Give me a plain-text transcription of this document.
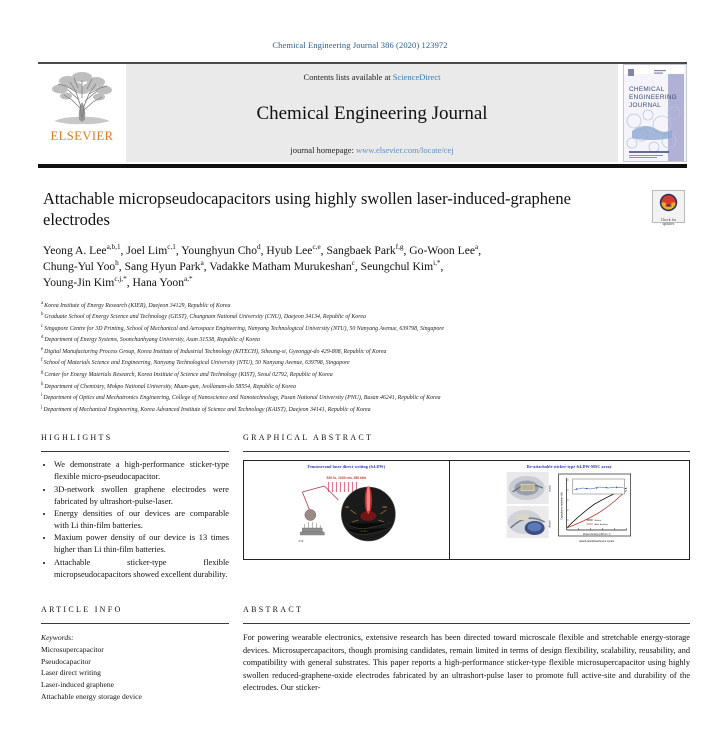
Chemical Engineering Journal 386 (2020) 123972
ELSEVIER
Contents lists available at ScienceDirect
Chemical Engineering Journal
journal homepage: www.elsevier.com/locate/cej
CHEMICAL
ENGINEERING
JOURNAL
Attachable micropseudocapacitors using highly swollen laser-induced-graphene electrodes	Check for
updates
Yeong A. Lee$^{a,b,1}$, Joel Lim$^{c,1}$, Younghyun Cho$^d$, Hyub Lee$^{c,e}$, Sangbaek Park$^{f,g}$, Go-Woon Lee$^a$,
Chung-Yul Yoo$^h$, Sang Hyun Park$^a$, Vadakke Matham Murukeshan$^c$, Seungchul Kim$^{i,*}$,
Young-Jin Kim$^{c,j,*}$, Hana Yoon$^{a,*}$
$^a$Korea Institute of Energy Research (KIER), Daejeon 34129, Republic of Korea
$^b$Graduate School of Energy Science and Technology (GEST), Chungnam National University (CNU), Daejeon 34134, Republic of Korea
$^c$Singapore Centre for 3D Printing, School of Mechanical and Aerospace Engineering, Nanyang Technological University (NTU), 50 Nanyang Avenue, 639798, Singapore
$^d$Department of Energy Systems, Soonchunhyang University, Asan 31538, Republic of Korea
$^e$Digital Manufacturing Process Group, Korea Institute of Industrial Technology (KITECH), Siheung-si, Gyeonggi-do 429-808, Republic of Korea
$^f$School of Materials Science and Engineering, Nanyang Technological University (NTU), 50 Nanyang Avenue, 639798, Singapore
$^g$Center for Energy Materials Research, Korea Institute of Science and Technology (KIST), Seoul 02792, Republic of Korea
$^h$Department of Chemistry, Mokpo National University, Muan-gun, Jeollanam-do 58554, Republic of Korea
$^i$Department of Optics and Mechatronics Engineering, College of Nanoscience and Nanotechnology, Pusan National University (PNU), Busan 46241, Republic of Korea
$^j$Department of Mechanical Engineering, Korea Advanced Institute of Science and Technology (KAIST), Daejeon 34141, Republic of Korea
HIGHLIGHTS
• We demonstrate a high-performance sticker-type flexible micro-pseudocapacitor.
• 3D-network swollen graphene electrodes were fabricated by ultrashort-pulse-laser.
• Energy densities of our devices are comparable with Li thin-film batteries.
• Maxium power density of our device is 13 times higher than Li thin-film batteries.
• Attachable sticker-type flexible micropseudocapacitors showed excellent durability.
GRAPHICAL ABSTRACT
Femtosecond laser direct writing (fsLDW)
520 fs, 1030 nm, 350 kHz
XYZ
GO	rGO
Re-attachable sticker-type fsLDW-MSC array
attach
detach	Before
After bending
Power density (mW cm⁻²)
Capacitance retention (%)
attachment/detachment cycles
ARTICLE INFO
Keywords:
Microsupercapacitor
Pseudocapacitor
Laser direct writing
Laser-induced graphene
Attachable energy storage device
ABSTRACT
For powering wearable electronics, extensive research has been directed toward microscale flexible and stretchable energy-storage devices. Microsupercapacitors, though promising candidates, remain limited in terms of design flexibility, scalability, reusability, and compatibility with general substrates. This paper reports a high-performance sticker-type flexible microsupercapacitor using highly swollen reduced-graphene-oxide electrodes fabricated by an ultrashort-pulse laser to promote full active-site and durability of the electrodes. Our sticker-
